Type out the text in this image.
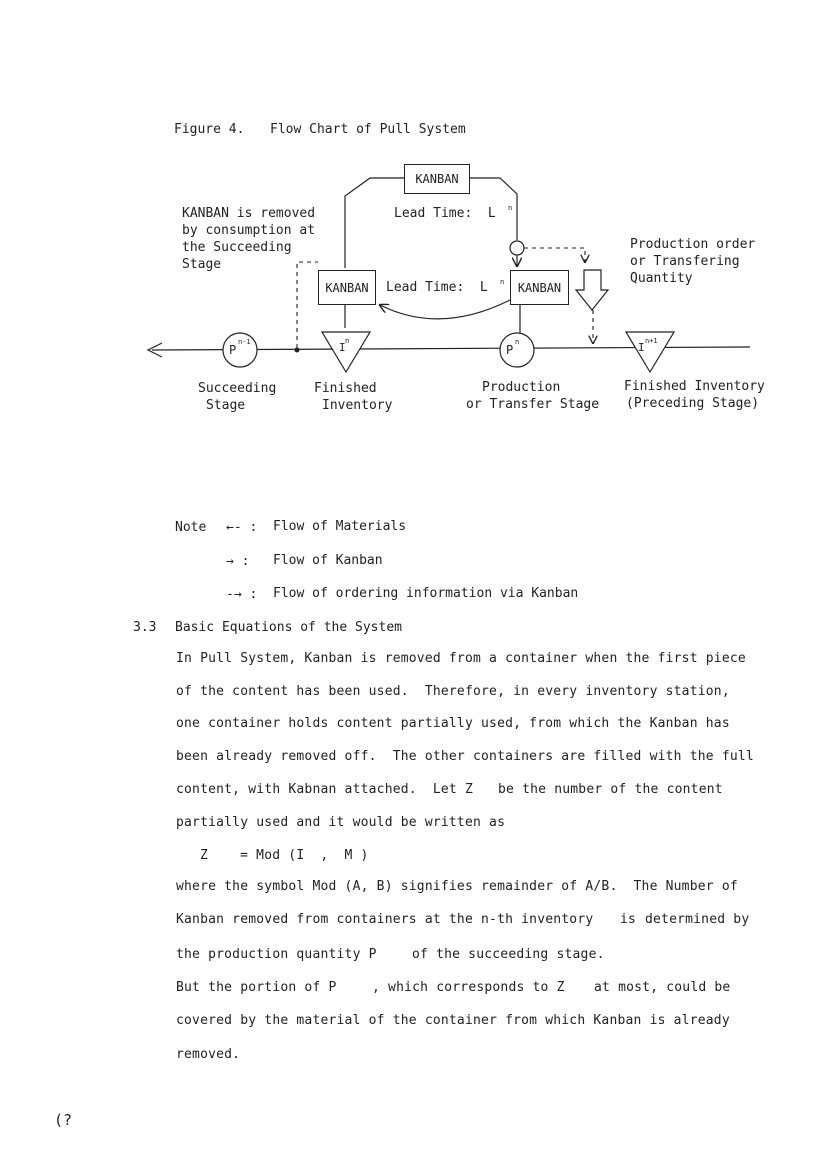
Figure 4. Flow Chart of Pull System
KANBAN
KANBAN	KANBAN
P
n-1
P
n
I n	I n+1
Lead Time:  L n
Lead Time:  L n
KANBAN is removed
by consumption at
the Succeeding
Stage
Production order
or Transfering
Quantity
Succeeding
Stage
Finished
Inventory
Production
or Transfer Stage
Finished Inventory
(Preceding Stage)
Note ←- : Flow of Materials
→ : Flow of Kanban
-→ : Flow of ordering information via Kanban
3.3 Basic Equations of the System
In Pull System, Kanban is removed from a container when the first piece
of the content has been used.  Therefore, in every inventory station,
one container holds content partially used, from which the Kanban has
been already removed off.  The other containers are filled with the full
content, with Kabnan attached.  Let Z be the number of the content
partially used and it would be written as
Z    = Mod (I  ,  M )
where the symbol Mod (A, B) signifies remainder of A/B.  The Number of
Kanban removed from containers at the n-th inventory is determined by
the production quantity P	of the succeeding stage.
But the portion of P	, which corresponds to Z at most, could be
covered by the material of the container from which Kanban is already
removed.
(?
